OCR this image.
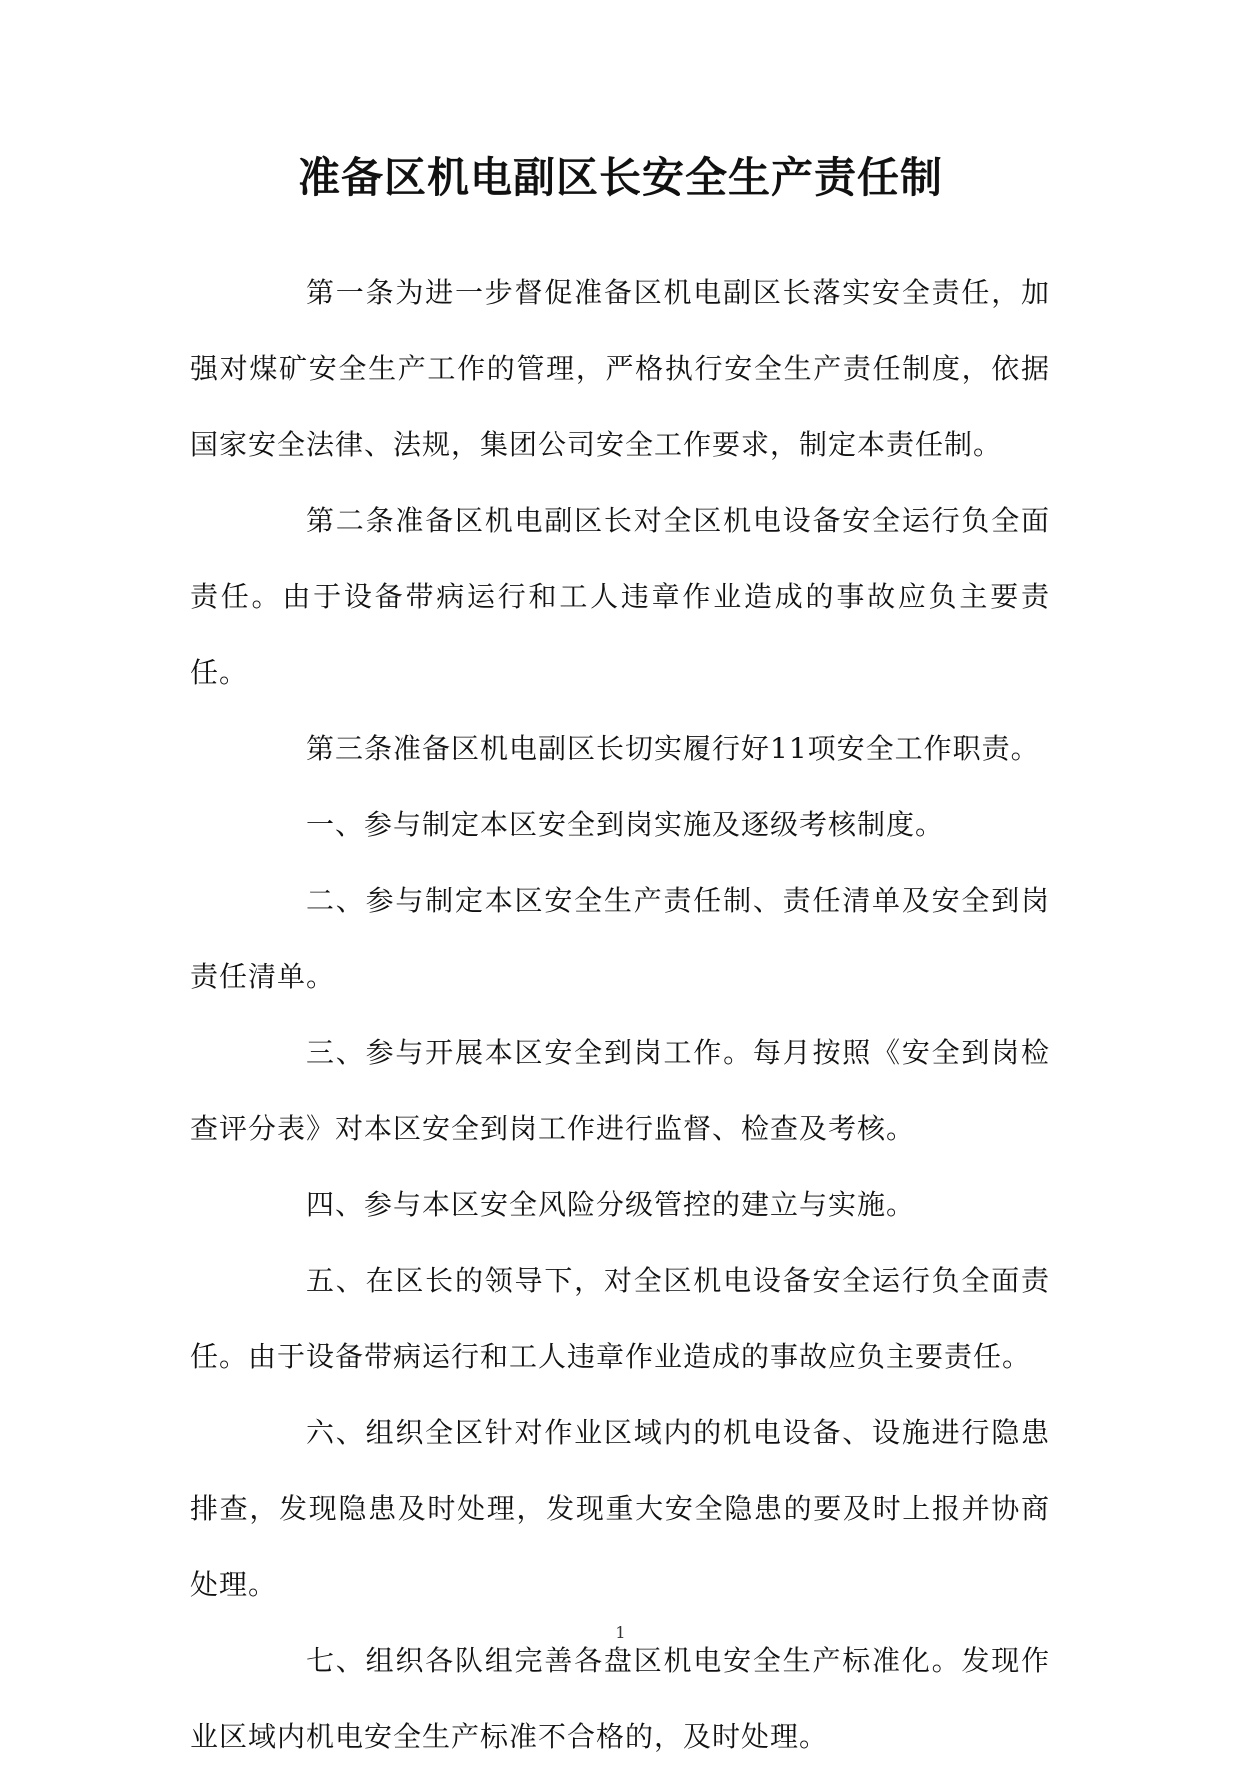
准备区机电副区长安全生产责任制

第一条为进一步督促准备区机电副区长落实安全责任，加强对煤矿安全生产工作的管理，严格执行安全生产责任制度，依据国家安全法律、法规，集团公司安全工作要求，制定本责任制。

第二条准备区机电副区长对全区机电设备安全运行负全面责任。由于设备带病运行和工人违章作业造成的事故应负主要责任。

第三条准备区机电副区长切实履行好11项安全工作职责。

一、参与制定本区安全到岗实施及逐级考核制度。

二、参与制定本区安全生产责任制、责任清单及安全到岗责任清单。

三、参与开展本区安全到岗工作。每月按照《安全到岗检查评分表》对本区安全到岗工作进行监督、检查及考核。

四、参与本区安全风险分级管控的建立与实施。

五、在区长的领导下，对全区机电设备安全运行负全面责任。由于设备带病运行和工人违章作业造成的事故应负主要责任。

六、组织全区针对作业区域内的机电设备、设施进行隐患排查，发现隐患及时处理，发现重大安全隐患的要及时上报并协商处理。

七、组织各队组完善各盘区机电安全生产标准化。发现作业区域内机电安全生产标准不合格的，及时处理。

1
